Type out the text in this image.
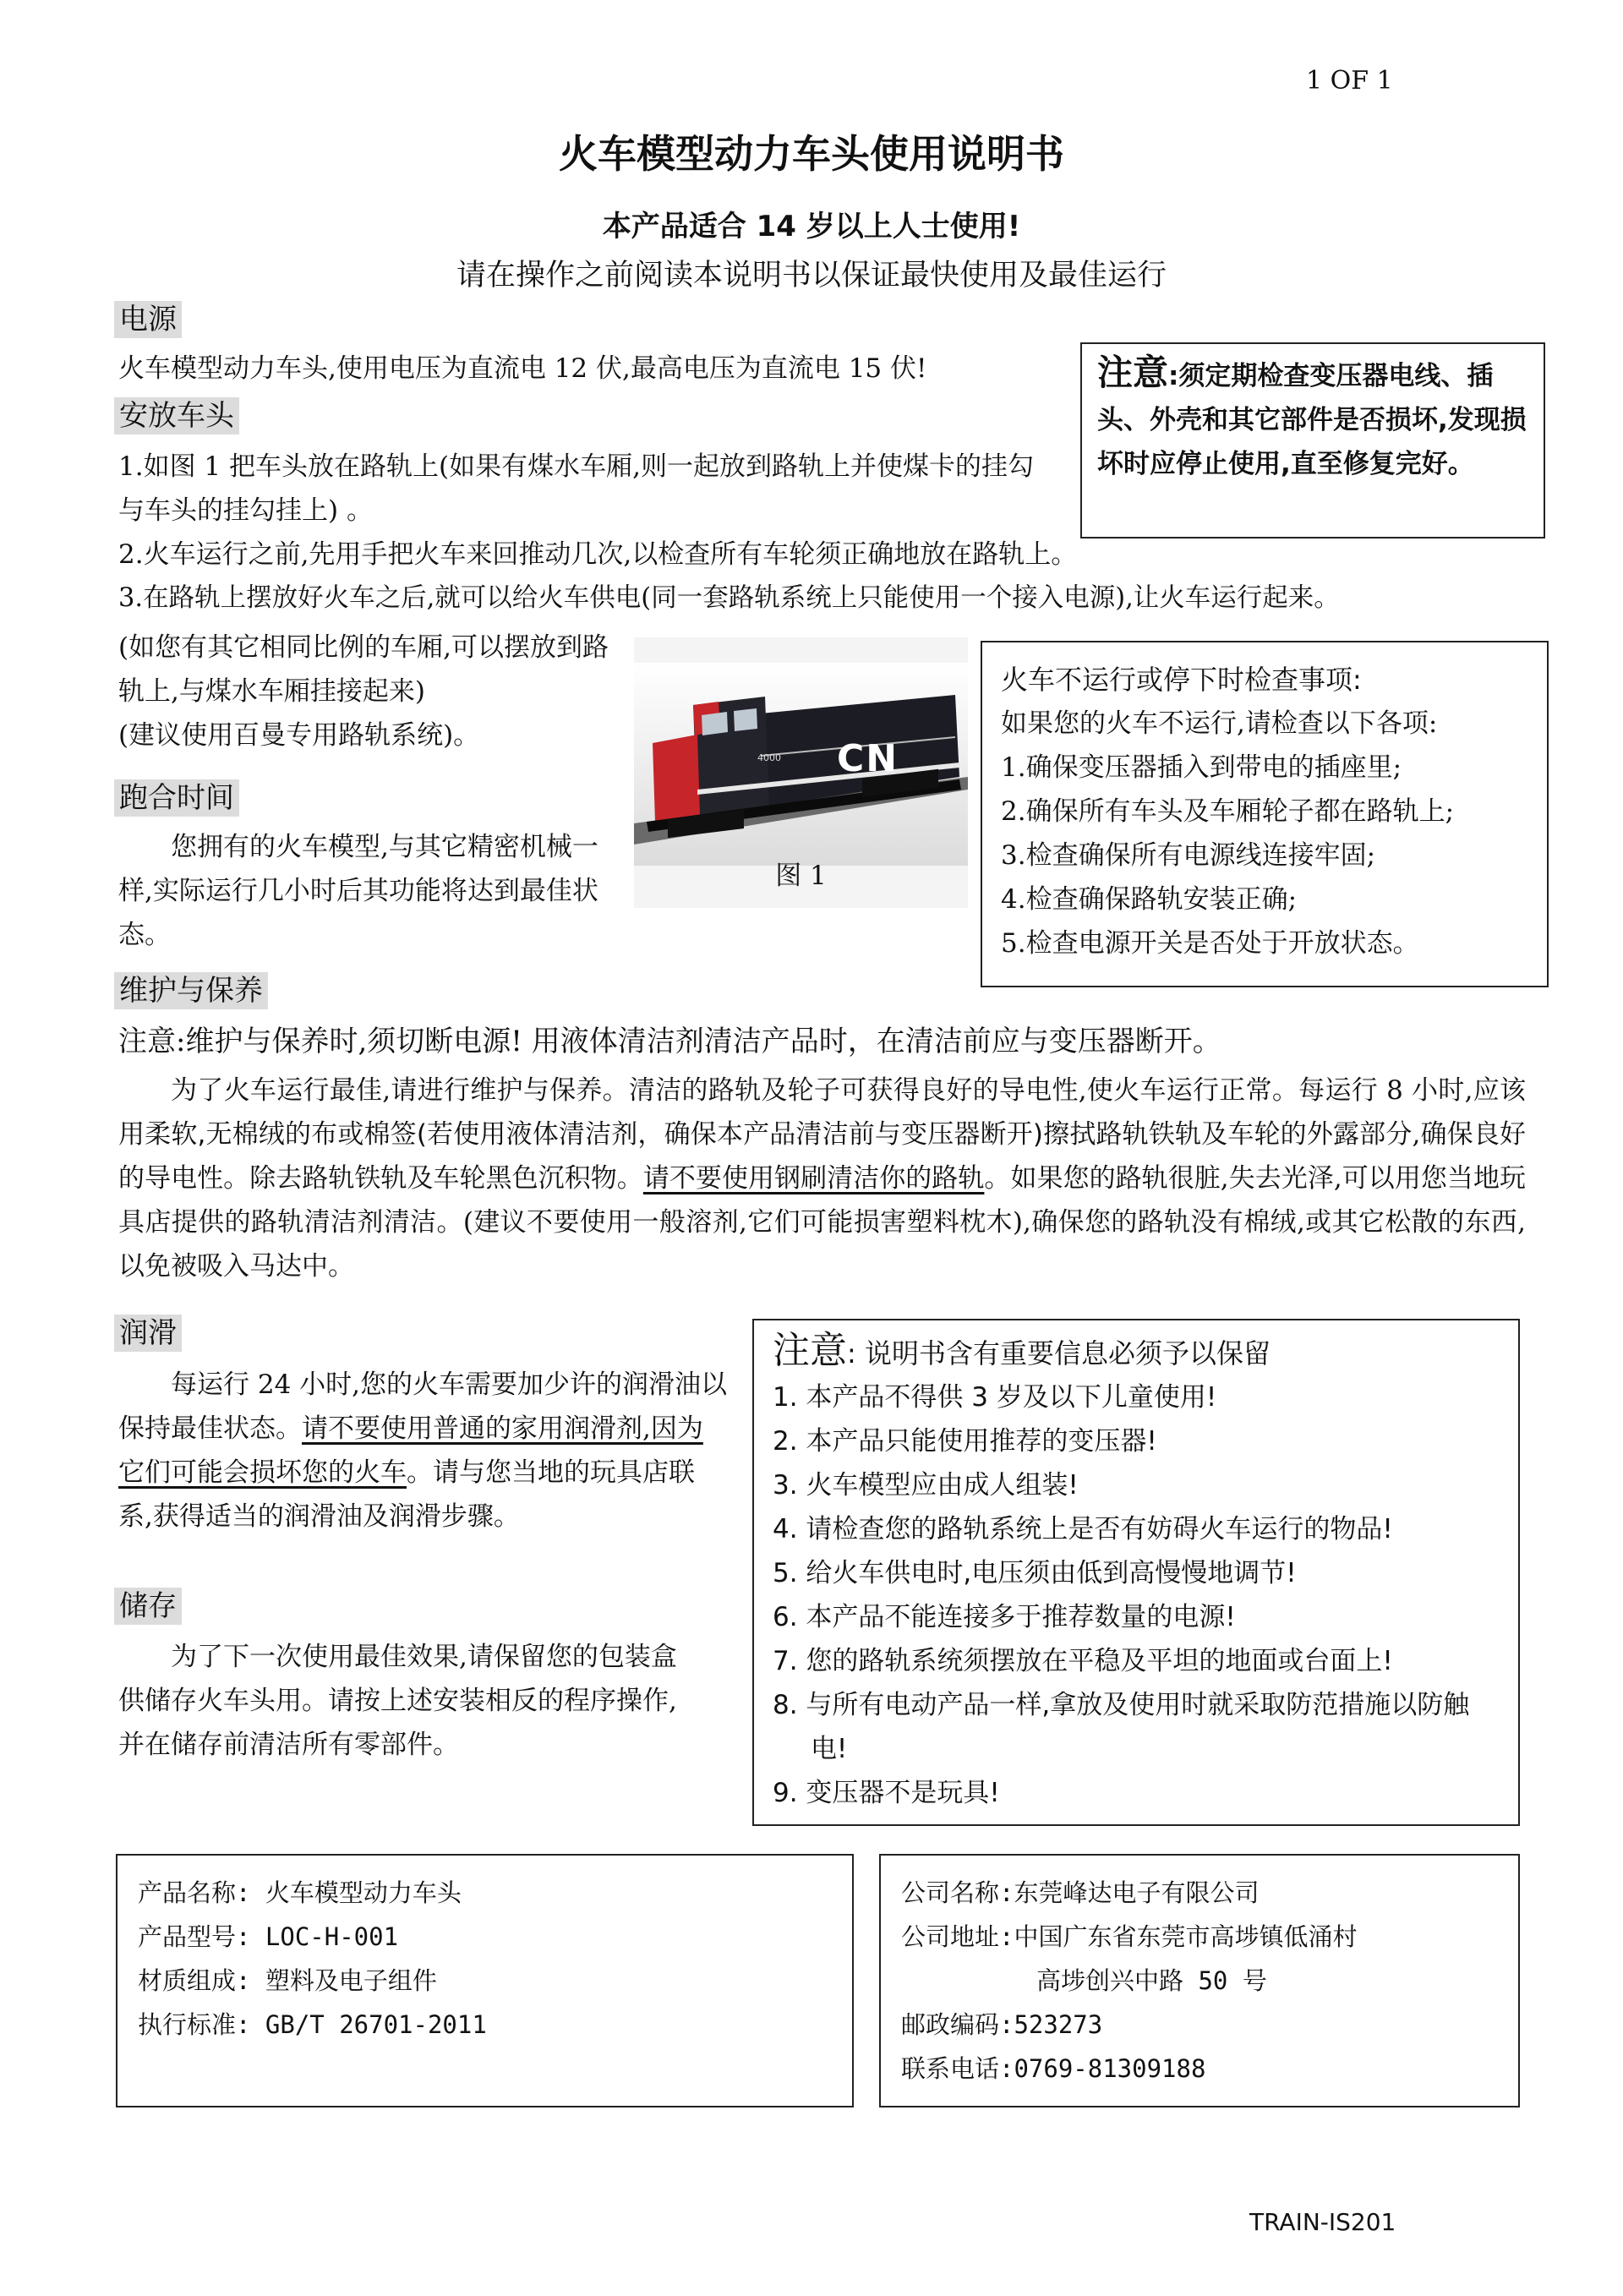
1 OF 1
火车模型动力车头使用说明书
本产品适合 14 岁以上人士使用!
请在操作之前阅读本说明书以保证最快使用及最佳运行
电源
火车模型动力车头,使用电压为直流电 12 伏,最高电压为直流电 15 伏!	注意:须定期检查变压器电线、插头、外壳和其它部件是否损坏,发现损坏时应停止使用,直至修复完好。
安放车头
1.如图 1 把车头放在路轨上(如果有煤水车厢,则一起放到路轨上并使煤卡的挂勾与车头的挂勾挂上) 。
2.火车运行之前,先用手把火车来回推动几次,以检查所有车轮须正确地放在路轨上。
3.在路轨上摆放好火车之后,就可以给火车供电(同一套路轨系统上只能使用一个接入电源),让火车运行起来。
(如您有其它相同比例的车厢,可以摆放到路轨上,与煤水车厢挂接起来)
(建议使用百曼专用路轨系统)。
CN
4000
图 1
火车不运行或停下时检查事项:
如果您的火车不运行,请检查以下各项:
1.确保变压器插入到带电的插座里;
2.确保所有车头及车厢轮子都在路轨上;
3.检查确保所有电源线连接牢固;
4.检查确保路轨安装正确;
5.检查电源开关是否处于开放状态。
跑合时间
您拥有的火车模型,与其它精密机械一样,实际运行几小时后其功能将达到最佳状态。
维护与保养
注意:维护与保养时,须切断电源! 用液体清洁剂清洁产品时，在清洁前应与变压器断开。
为了火车运行最佳,请进行维护与保养。清洁的路轨及轮子可获得良好的导电性,使火车运行正常。每运行 8 小时,应该用柔软,无棉绒的布或棉签(若使用液体清洁剂，确保本产品清洁前与变压器断开)擦拭路轨铁轨及车轮的外露部分,确保良好的导电性。除去路轨铁轨及车轮黑色沉积物。请不要使用钢刷清洁你的路轨。如果您的路轨很脏,失去光泽,可以用您当地玩具店提供的路轨清洁剂清洁。(建议不要使用一般溶剂,它们可能损害塑料枕木),确保您的路轨没有棉绒,或其它松散的东西,以免被吸入马达中。
润滑
每运行 24 小时,您的火车需要加少许的润滑油以保持最佳状态。请不要使用普通的家用润滑剂,因为它们可能会损坏您的火车。请与您当地的玩具店联系,获得适当的润滑油及润滑步骤。
储存
为了下一次使用最佳效果,请保留您的包装盒供储存火车头用。请按上述安装相反的程序操作,并在储存前清洁所有零部件。
注意: 说明书含有重要信息必须予以保留
1. 本产品不得供 3 岁及以下儿童使用!
2. 本产品只能使用推荐的变压器!
3. 火车模型应由成人组装!
4. 请检查您的路轨系统上是否有妨碍火车运行的物品!
5. 给火车供电时,电压须由低到高慢慢地调节!
6. 本产品不能连接多于推荐数量的电源!
7. 您的路轨系统须摆放在平稳及平坦的地面或台面上!
8. 与所有电动产品一样,拿放及使用时就采取防范措施以防触电!
9. 变压器不是玩具!
产品名称: 火车模型动力车头
产品型号: LOC-H-001
材质组成: 塑料及电子组件
执行标准: GB/T 26701-2011
公司名称:东莞峰达电子有限公司
公司地址:中国广东省东莞市高埗镇低涌村
高埗创兴中路 50 号
邮政编码:523273
联系电话:0769-81309188
TRAIN-IS201
